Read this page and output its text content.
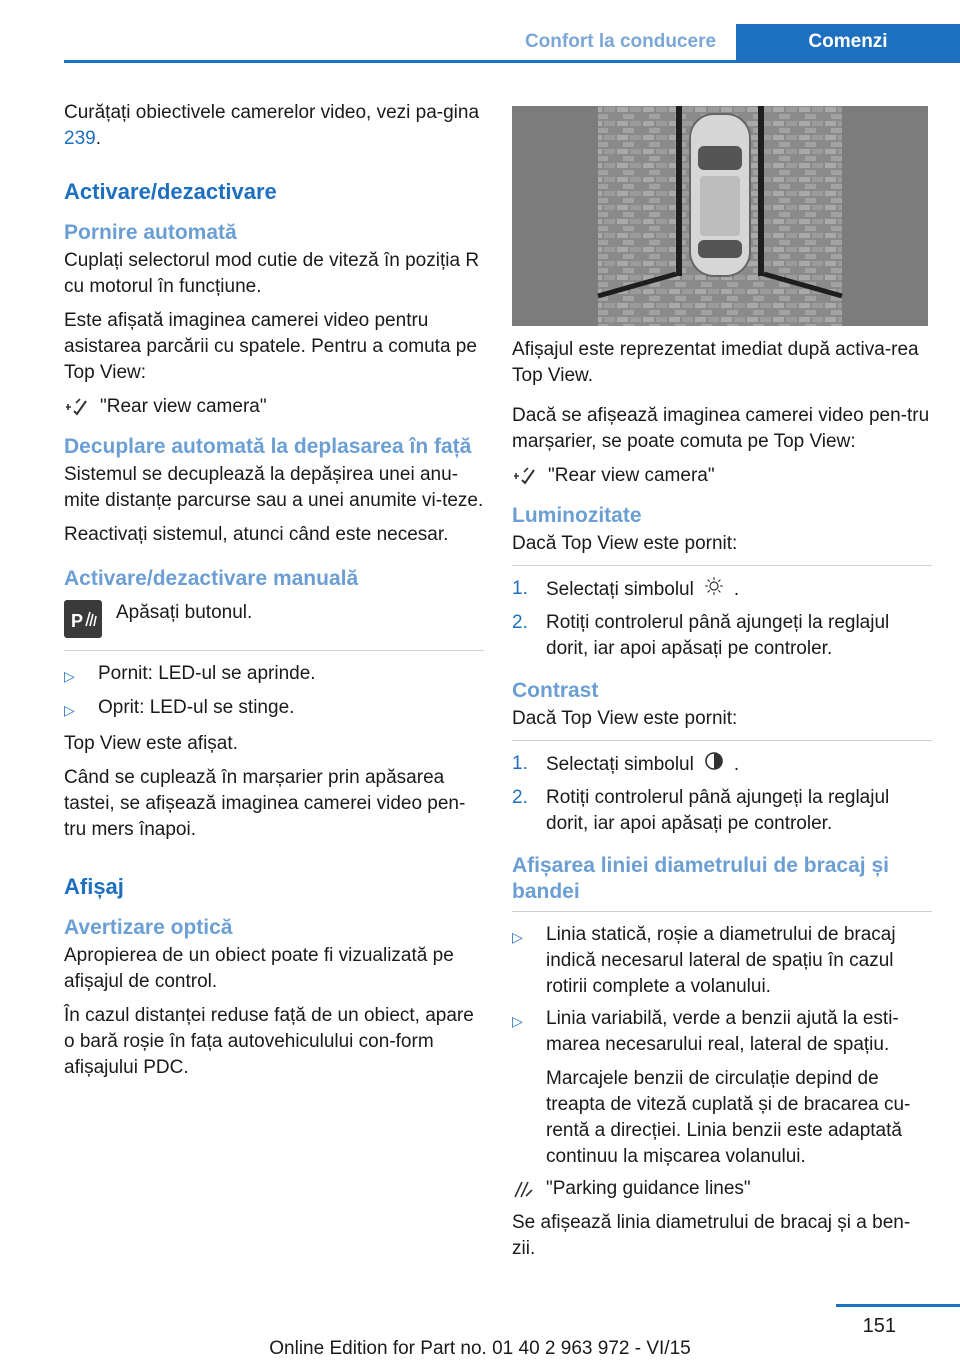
Confort la conducere	Comenzi

Curățați obiectivele camerelor video, vezi pa-gina 239.

Activare/dezactivare
Pornire automată

Cuplați selectorul mod cutie de viteză în poziția R cu motorul în funcțiune.

Este afișată imaginea camerei video pentru asistarea parcării cu spatele. Pentru a comuta pe Top View:

"Rear view camera"
Decuplare automată la deplasarea în față

Sistemul se decuplează la depășirea unei anu-mite distanțe parcurse sau a unei anumite vi-teze.

Reactivați sistemul, atunci când este necesar.

Activare/dezactivare manuală
P Apăsați butonul.
▷	Pornit: LED-ul se aprinde.
▷	Oprit: LED-ul se stinge.

Top View este afișat.

Când se cuplează în marșarier prin apăsarea tastei, se afișează imaginea camerei video pen-tru mers înapoi.

Afișaj
Avertizare optică

Apropierea de un obiect poate fi vizualizată pe afișajul de control.

În cazul distanței reduse față de un obiect, apare o bară roșie în fața autovehiculului con-form afișajului PDC.

Afișajul este reprezentat imediat după activa-rea Top View.

Dacă se afișează imaginea camerei video pen-tru marșarier, se poate comuta pe Top View:

"Rear view camera"
Luminozitate

Dacă Top View este pornit:

1. Selectați simbolul .
2. Rotiți controlerul până ajungeți la reglajul dorit, iar apoi apăsați pe controler.
Contrast

Dacă Top View este pornit:

1. Selectați simbolul .
2. Rotiți controlerul până ajungeți la reglajul dorit, iar apoi apăsați pe controler.
Afișarea liniei diametrului de bracaj și bandei
▷	Linia statică, roșie a diametrului de bracaj indică necesarul lateral de spațiu în cazul rotirii complete a volanului.
▷	Linia variabilă, verde a benzii ajută la esti-marea necesarului real, lateral de spațiu.

Marcajele benzii de circulație depind de treapta de viteză cuplată și de bracarea cu-rentă a direcției. Linia benzii este adaptată continuu la mișcarea volanului.

"Parking guidance lines"

Se afișează linia diametrului de bracaj și a ben-zii.

151
Online Edition for Part no. 01 40 2 963 972 - VI/15
